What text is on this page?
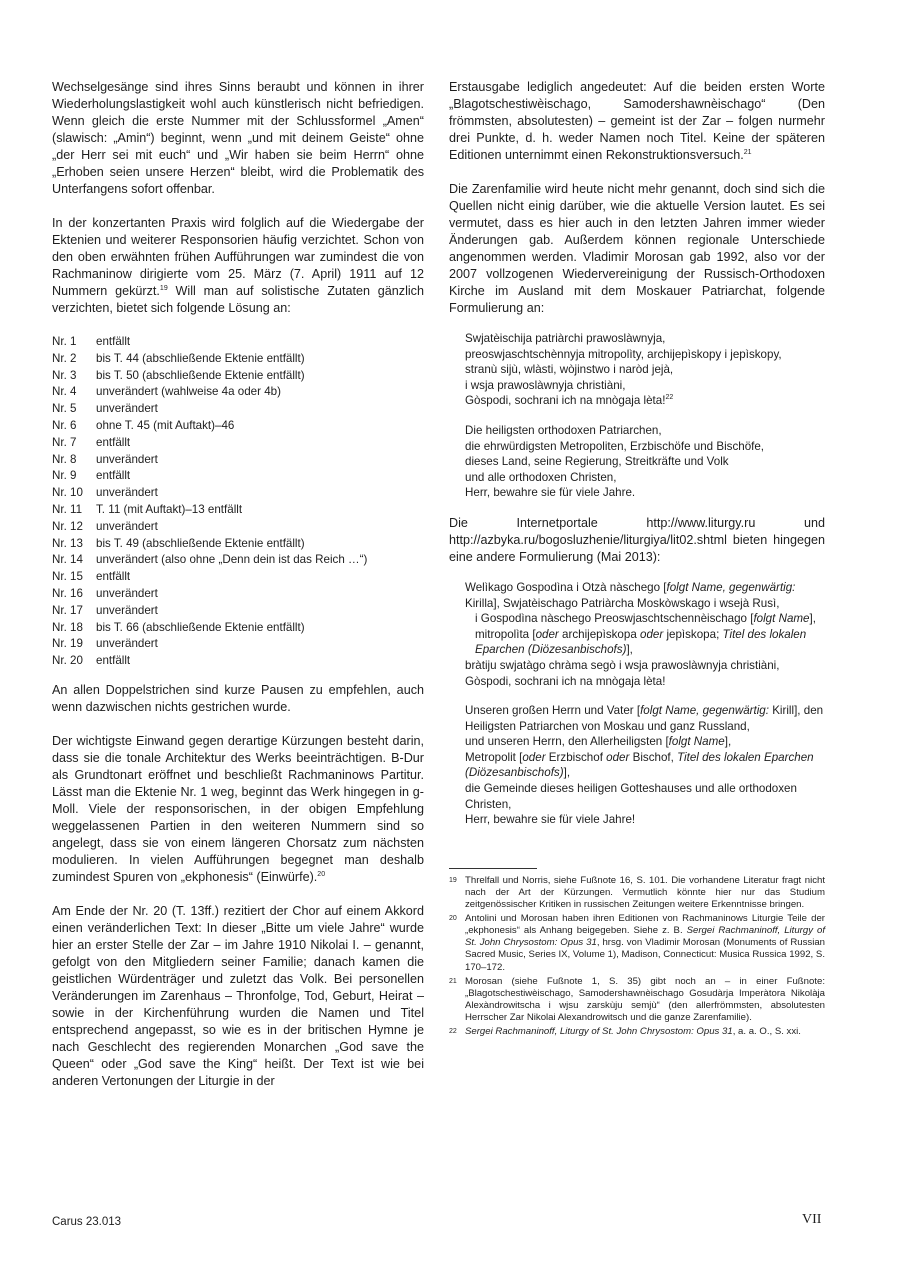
Wechselgesänge sind ihres Sinns beraubt und können in ihrer Wiederholungslastigkeit wohl auch künstlerisch nicht befriedigen. Wenn gleich die erste Nummer mit der Schlussformel „Amen“ (slawisch: „Amin“) beginnt, wenn „und mit deinem Geiste“ ohne „der Herr sei mit euch“ und „Wir haben sie beim Herrn“ ohne „Erhoben seien unsere Herzen“ bleibt, wird die Problematik des Unterfangens sofort offenbar.

In der konzertanten Praxis wird folglich auf die Wiedergabe der Ektenien und weiterer Responsorien häufig verzichtet. Schon von den oben erwähnten frühen Aufführungen war zumindest die von Rachmaninow dirigierte vom 25. März (7. April) 1911 auf 12 Nummern gekürzt.$^{19}$ Will man auf solistische Zutaten gänzlich verzichten, bietet sich folgende Lösung an:

Nr. 1	entfällt
Nr. 2	bis T. 44 (abschließende Ektenie entfällt)
Nr. 3	bis T. 50 (abschließende Ektenie entfällt)
Nr. 4	unverändert (wahlweise 4a oder 4b)
Nr. 5	unverändert
Nr. 6	ohne T. 45 (mit Auftakt)–46
Nr. 7	entfällt
Nr. 8	unverändert
Nr. 9	entfällt
Nr. 10	unverändert
Nr. 11	T. 11 (mit Auftakt)–13 entfällt
Nr. 12	unverändert
Nr. 13	bis T. 49 (abschließende Ektenie entfällt)
Nr. 14	unverändert (also ohne „Denn dein ist das Reich …“)
Nr. 15	entfällt
Nr. 16	unverändert
Nr. 17	unverändert
Nr. 18	bis T. 66 (abschließende Ektenie entfällt)
Nr. 19	unverändert
Nr. 20	entfällt

An allen Doppelstrichen sind kurze Pausen zu empfehlen, auch wenn dazwischen nichts gestrichen wurde.

Der wichtigste Einwand gegen derartige Kürzungen besteht darin, dass sie die tonale Architektur des Werks beeinträchtigen. B-Dur als Grundtonart eröffnet und beschließt Rachmaninows Partitur. Lässt man die Ektenie Nr. 1 weg, beginnt das Werk hingegen in g-Moll. Viele der responsorischen, in der obigen Empfehlung weggelassenen Partien in den weiteren Nummern sind so angelegt, dass sie von einem längeren Chorsatz zum nächsten modulieren. In vielen Aufführungen begegnet man deshalb zumindest Spuren von „ekphonesis“ (Einwürfe).$^{20}$

Am Ende der Nr. 20 (T. 13ff.) rezitiert der Chor auf einem Akkord einen veränderlichen Text: In dieser „Bitte um viele Jahre“ wurde hier an erster Stelle der Zar – im Jahre 1910 Nikolai I. – genannt, gefolgt von den Mitgliedern seiner Familie; danach kamen die geistlichen Würdenträger und zuletzt das Volk. Bei personellen Veränderungen im Zarenhaus – Thronfolge, Tod, Geburt, Heirat – sowie in der Kirchenführung wurden die Namen und Titel entsprechend angepasst, so wie es in der britischen Hymne je nach Geschlecht des regierenden Monarchen „God save the Queen“ oder „God save the King“ heißt. Der Text ist wie bei anderen Vertonungen der Liturgie in der

Erstausgabe lediglich angedeutet: Auf die beiden ersten Worte „Blagotschestiwèischago, Samodershawnèischago“ (Den frömmsten, absolutesten) – gemeint ist der Zar – folgen nurmehr drei Punkte, d. h. weder Namen noch Titel. Keine der späteren Editionen unternimmt einen Rekonstruktionsversuch.$^{21}$

Die Zarenfamilie wird heute nicht mehr genannt, doch sind sich die Quellen nicht einig darüber, wie die aktuelle Version lautet. Es sei vermutet, dass es hier auch in den letzten Jahren immer wieder Änderungen gab. Außerdem können regionale Unterschiede angenommen werden. Vladimir Morosan gab 1992, also vor der 2007 vollzogenen Wiedervereinigung der Russisch-Orthodoxen Kirche im Ausland mit dem Moskauer Patriarchat, folgende Formulierung an:

Swjatèischija patriàrchi prawoslàwnyja,
preoswjaschtschènnyja mitropolìty, archijepìskopy i jepìskopy,
stranù sijù, wlàsti, wòjinstwo i naròd jejà,
i wsja prawoslàwnyja christiàni,
Gòspodi, sochrani ich na mnògaja lèta!$^{22}$
Die heiligsten orthodoxen Patriarchen,
die ehrwürdigsten Metropoliten, Erzbischöfe und Bischöfe,
dieses Land, seine Regierung, Streitkräfte und Volk
und alle orthodoxen Christen,
Herr, bewahre sie für viele Jahre.

Die Internetportale http://www.liturgy.ru und http://azbyka.ru/bogosluzhenie/liturgiya/lit02.shtml bieten hingegen eine andere Formulierung (Mai 2013):

Welìkago Gospodìna i Otzà nàschego [folgt Name, gegenwärtig: Kirilla], Swjatèischago Patriàrcha Moskòwskago i wsejà Rusì,
i Gospodìna nàschego Preoswjaschtschennèischago [folgt Name], mitropolìta [oder archijepìskopa oder jepìskopa; Titel des lokalen Eparchen (Diözesanbischofs)],
bràtiju swjatàgo chràma segò i wsja prawoslàwnyja christiàni,
Gòspodi, sochrani ich na mnògaja lèta!
Unseren großen Herrn und Vater [folgt Name, gegenwärtig: Kirill], den Heiligsten Patriarchen von Moskau und ganz Russland,
und unseren Herrn, den Allerheiligsten [folgt Name],
Metropolit [oder Erzbischof oder Bischof, Titel des lokalen Eparchen (Diözesanbischofs)],
die Gemeinde dieses heiligen Gotteshauses und alle orthodoxen Christen,
Herr, bewahre sie für viele Jahre!
19 Threlfall und Norris, siehe Fußnote 16, S. 101. Die vorhandene Literatur fragt nicht nach der Art der Kürzungen. Vermutlich könnte hier nur das Studium zeitgenössischer Kritiken in russischen Zeitungen weitere Erkenntnisse bringen.
20 Antolini und Morosan haben ihren Editionen von Rachmaninows Liturgie Teile der „ekphonesis“ als Anhang beigegeben. Siehe z. B. Sergei Rachmaninoff, Liturgy of St. John Chrysostom: Opus 31, hrsg. von Vladimir Morosan (Monuments of Russian Sacred Music, Series IX, Volume 1), Madison, Connecticut: Musica Russica 1992, S. 170–172.
21 Morosan (siehe Fußnote 1, S. 35) gibt noch an – in einer Fußnote: „Blagotschestiwèischago, Samodershawnèischago Gosudàrja Imperàtora Nikolàja Alexàndrowitscha i wjsu zarskùju semjù“ (den allerfrömmsten, absolutesten Herrscher Zar Nikolai Alexandrowitsch und die ganze Zarenfamilie).
22 Sergei Rachmaninoff, Liturgy of St. John Chrysostom: Opus 31, a. a. O., S. xxi.
Carus 23.013	VII
